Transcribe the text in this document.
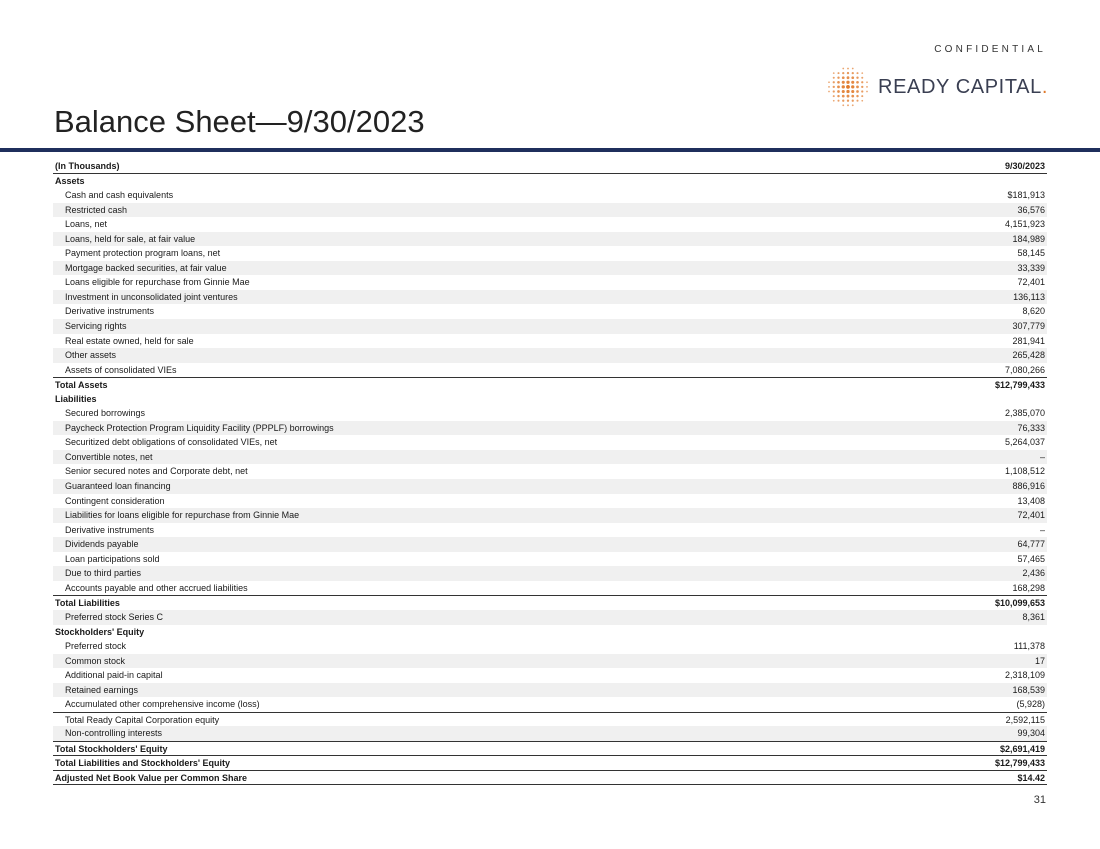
CONFIDENTIAL
READY CAPITAL.
Balance Sheet—9/30/2023
(In Thousands)	9/30/2023
Assets
Cash and cash equivalents	$181,913
Restricted cash	36,576
Loans, net	4,151,923
Loans, held for sale, at fair value	184,989
Payment protection program loans, net	58,145
Mortgage backed securities, at fair value	33,339
Loans eligible for repurchase from Ginnie Mae	72,401
Investment in unconsolidated joint ventures	136,113
Derivative instruments	8,620
Servicing rights	307,779
Real estate owned, held for sale	281,941
Other assets	265,428
Assets of consolidated VIEs	7,080,266
Total Assets	$12,799,433
Liabilities
Secured borrowings	2,385,070
Paycheck Protection Program Liquidity Facility (PPPLF) borrowings	76,333
Securitized debt obligations of consolidated VIEs, net	5,264,037
Convertible notes, net	–
Senior secured notes and Corporate debt, net	1,108,512
Guaranteed loan financing	886,916
Contingent consideration	13,408
Liabilities for loans eligible for repurchase from Ginnie Mae	72,401
Derivative instruments	–
Dividends payable	64,777
Loan participations sold	57,465
Due to third parties	2,436
Accounts payable and other accrued liabilities	168,298
Total Liabilities	$10,099,653
Preferred stock Series C	8,361
Stockholders' Equity
Preferred stock	111,378
Common stock	17
Additional paid-in capital	2,318,109
Retained earnings	168,539
Accumulated other comprehensive income (loss)	(5,928)
Total Ready Capital Corporation equity	2,592,115
Non-controlling interests	99,304
Total Stockholders' Equity	$2,691,419
Total Liabilities and Stockholders' Equity	$12,799,433
Adjusted Net Book Value per Common Share	$14.42
31
